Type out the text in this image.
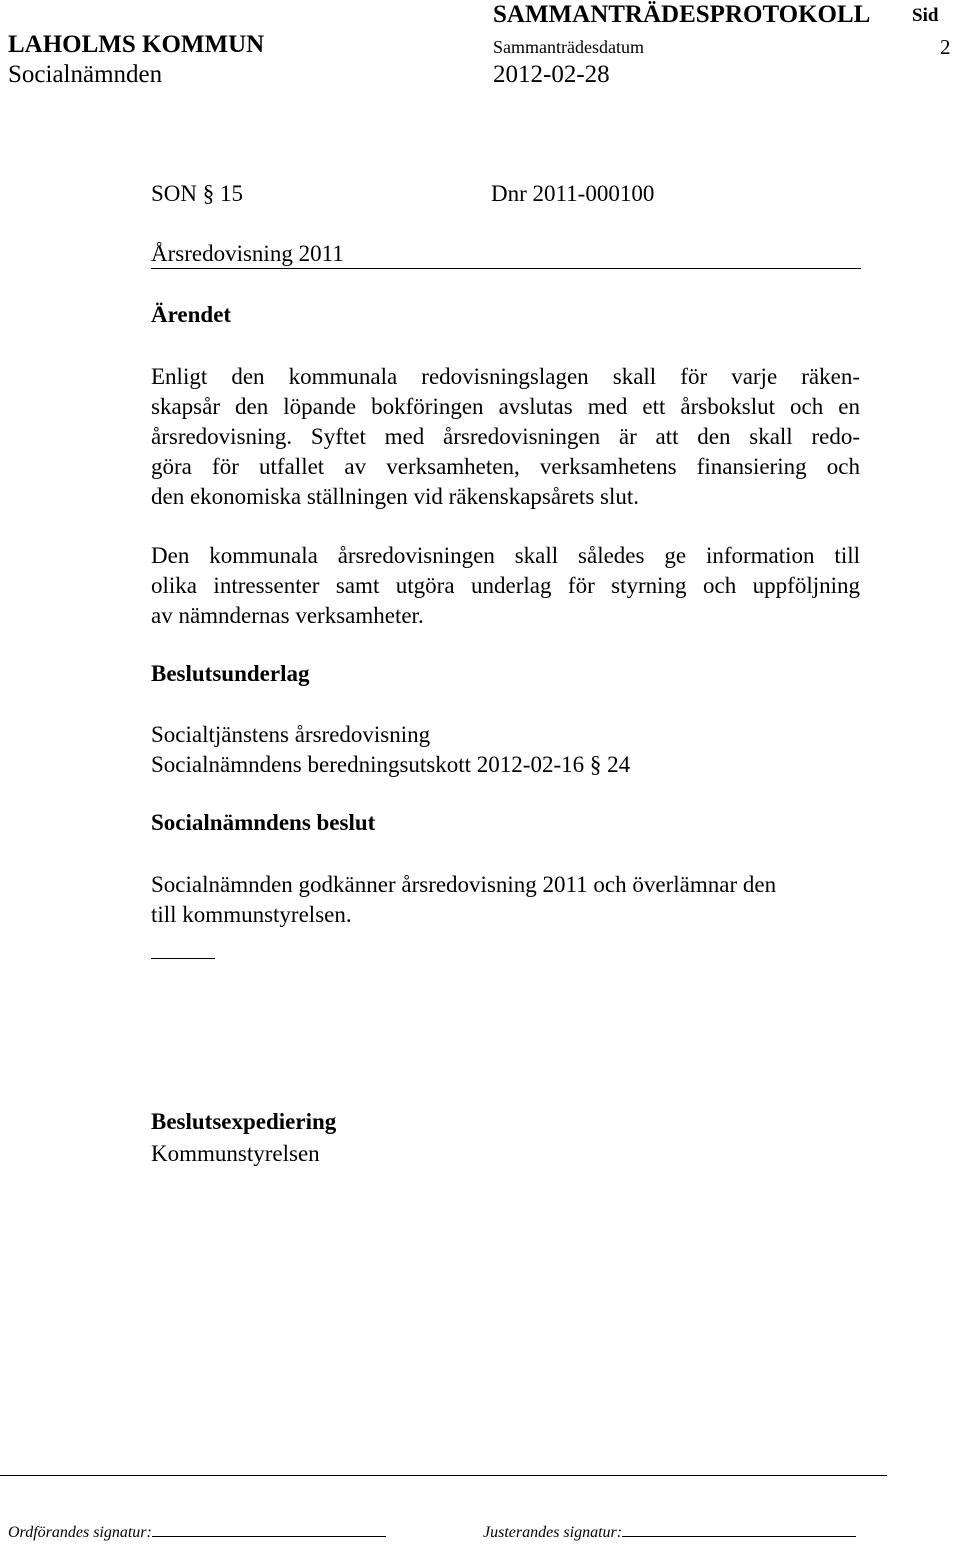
SAMMANTRÄDESPROTOKOLL Sid
LAHOLMS KOMMUN	Sammanträdesdatum	2
Socialnämnden	2012-02-28
SON § 15	Dnr 2011-000100
Årsredovisning 2011
Ärendet
Enligt den kommunala redovisningslagen skall för varje räken-
skapsår den löpande bokföringen avslutas med ett årsbokslut och en
årsredovisning. Syftet med årsredovisningen är att den skall redo-
göra för utfallet av verksamheten, verksamhetens finansiering och
den ekonomiska ställningen vid räkenskapsårets slut.
Den kommunala årsredovisningen skall således ge information till
olika intressenter samt utgöra underlag för styrning och uppföljning
av nämndernas verksamheter.
Beslutsunderlag
Socialtjänstens årsredovisning
Socialnämndens beredningsutskott 2012-02-16 § 24
Socialnämndens beslut
Socialnämnden godkänner årsredovisning 2011 och överlämnar den
till kommunstyrelsen.
Beslutsexpediering
Kommunstyrelsen
Ordförandes signatur:	Justerandes signatur:
